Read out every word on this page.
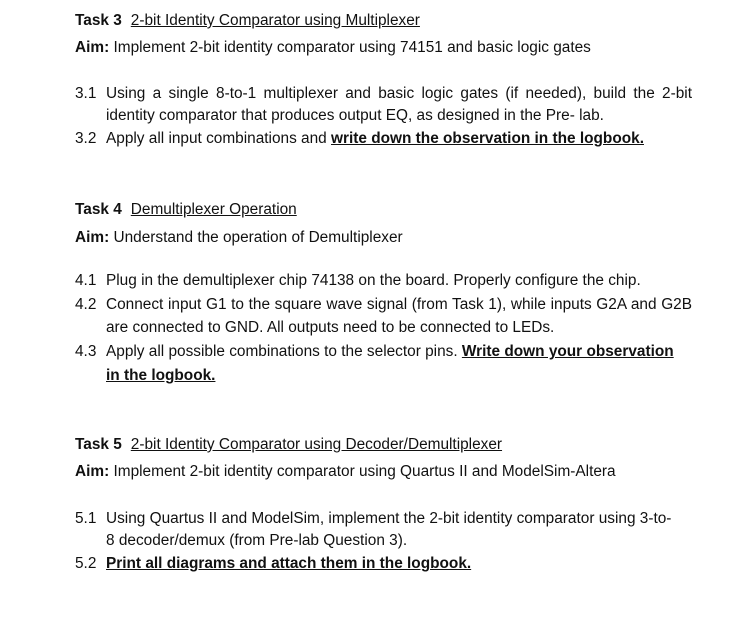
Task 3 2-bit Identity Comparator using Multiplexer
Aim: Implement 2-bit identity comparator using 74151 and basic logic gates
3.1 Using a single 8-to-1 multiplexer and basic logic gates (if needed), build the 2-bit
identity comparator that produces output EQ, as designed in the Pre- lab.
3.2 Apply all input combinations and write down the observation in the logbook.
Task 4 Demultiplexer Operation
Aim: Understand the operation of Demultiplexer
4.1 Plug in the demultiplexer chip 74138 on the board. Properly configure the chip.
4.2 Connect input G1 to the square wave signal (from Task 1), while inputs G2A and G2B
are connected to GND. All outputs need to be connected to LEDs.
4.3 Apply all possible combinations to the selector pins. Write down your observation
in the logbook.
Task 5 2-bit Identity Comparator using Decoder/Demultiplexer
Aim: Implement 2-bit identity comparator using Quartus II and ModelSim-Altera
5.1 Using Quartus II and ModelSim, implement the 2-bit identity comparator using 3-to-
8 decoder/demux (from Pre-lab Question 3).
5.2 Print all diagrams and attach them in the logbook.
